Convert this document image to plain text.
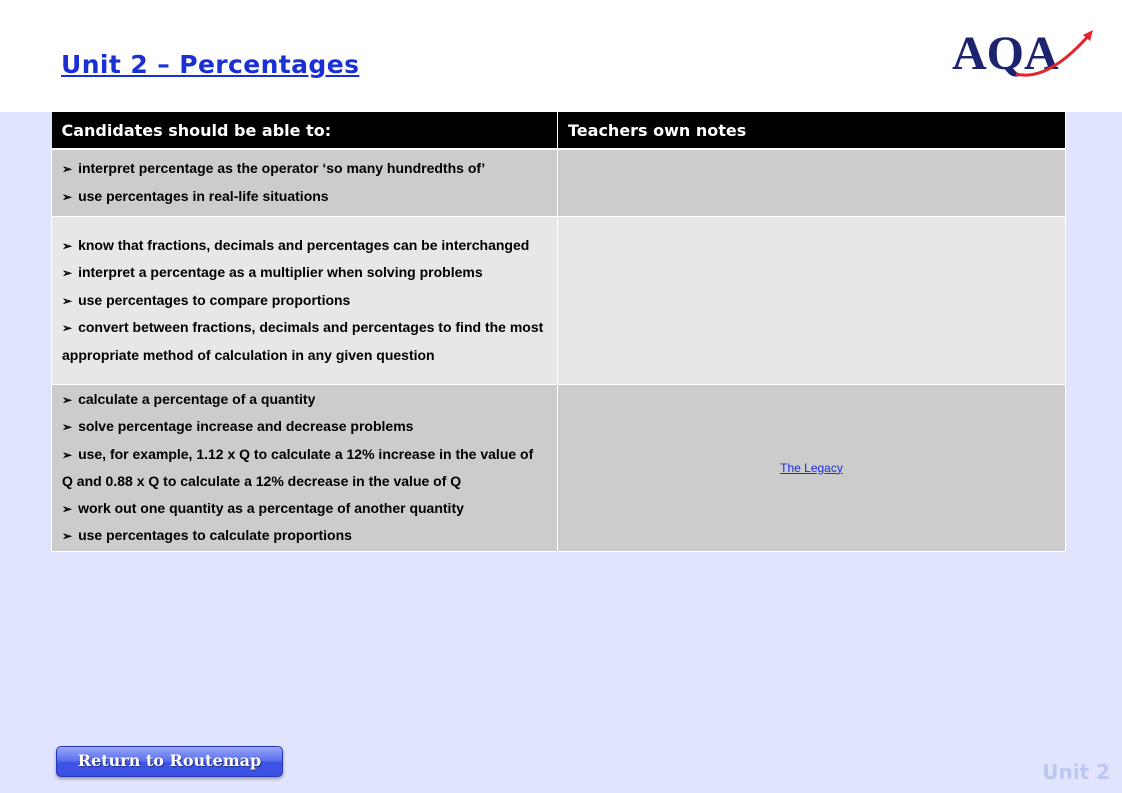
Unit 2 – Percentages	AQA
Candidates should be able to:	Teachers own notes

➢ interpret percentage as the operator ‘so many hundredths of’
➢ use percentages in real-life situations	

➢ know that fractions, decimals and percentages can be interchanged
➢ interpret a percentage as a multiplier when solving problems
➢ use percentages to compare proportions
➢ convert between fractions, decimals and percentages to find the most appropriate method of calculation in any given question	

➢ calculate a percentage of a quantity
➢ solve percentage increase and decrease problems
➢ use, for example, 1.12 x Q to calculate a 12% increase in the value of Q and 0.88 x Q to calculate a 12% decrease in the value of Q
➢ work out one quantity as a percentage of another quantity
➢ use percentages to calculate proportions	The Legacy
Return to Routemap	Unit 2
